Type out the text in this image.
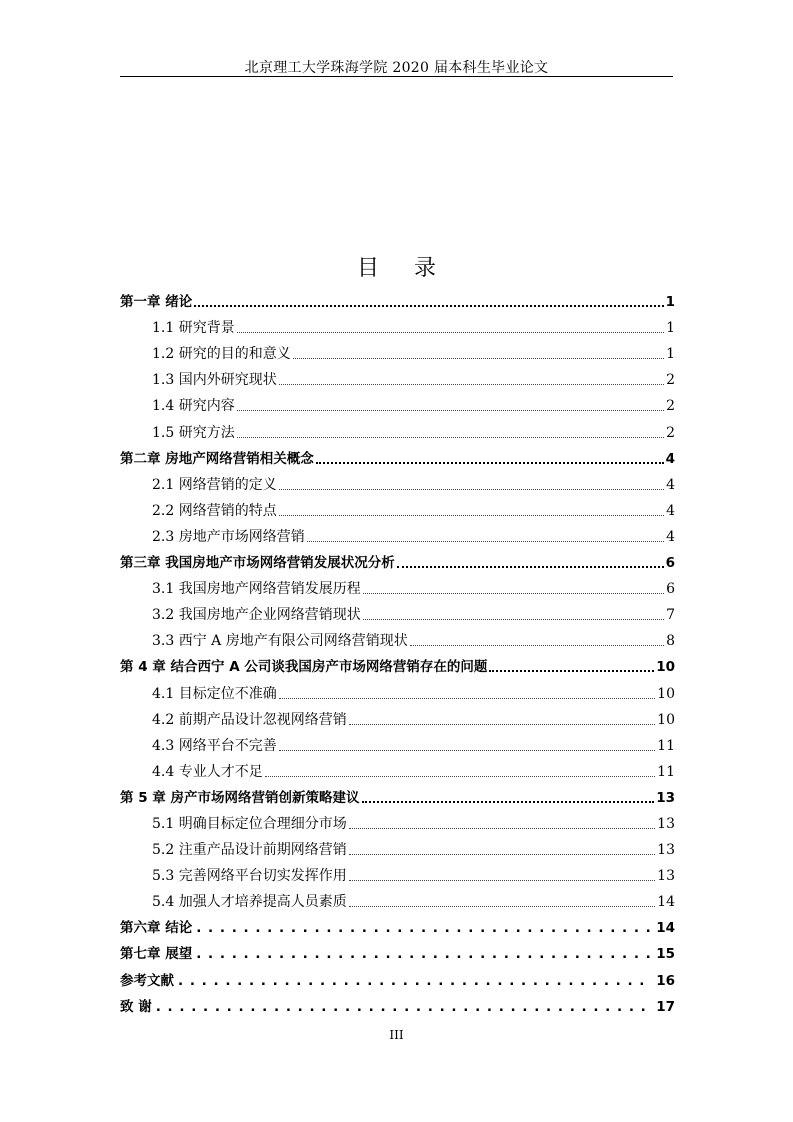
北京理工大学珠海学院 2020 届本科生毕业论文
目 录
第一章 绪论	1
1.1 研究背景	1
1.2 研究的目的和意义	1
1.3 国内外研究现状	2
1.4 研究内容	2
1.5 研究方法	2
第二章 房地产网络营销相关概念	4
2.1 网络营销的定义	4
2.2 网络营销的特点	4
2.3 房地产市场网络营销	4
第三章 我国房地产市场网络营销发展状况分析	6
3.1 我国房地产网络营销发展历程	6
3.2 我国房地产企业网络营销现状	7
3.3 西宁 A 房地产有限公司网络营销现状	8
第 4 章 结合西宁 A 公司谈我国房产市场网络营销存在的问题	10
4.1 目标定位不准确	10
4.2 前期产品设计忽视网络营销	10
4.3 网络平台不完善	11
4.4 专业人才不足	11
第 5 章 房产市场网络营销创新策略建议	13
5.1 明确目标定位合理细分市场	13
5.2 注重产品设计前期网络营销	13
5.3 完善网络平台切实发挥作用	13
5.4 加强人才培养提高人员素质	14
第六章 结论 . . .	14
第七章 展望 . . .	15
参考文献 . . .	16
致 谢 . . .	17
III
